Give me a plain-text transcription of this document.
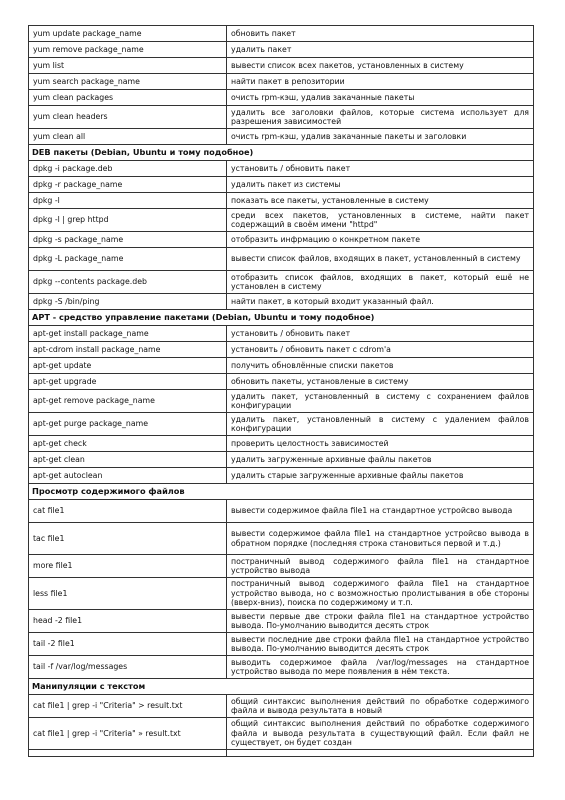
yum update package_name	обновить пакет
yum remove package_name	удалить пакет
yum list	вывести список всех пакетов, установленных в систему
yum search package_name	найти пакет в репозитории
yum clean packages	очисть rpm-кэш, удалив закачанные пакеты
yum clean headers	удалить все заголовки файлов, которые система использует для разрешения зависимостей
yum clean all	очисть rpm-кэш, удалив закачанные пакеты и заголовки
DEB пакеты (Debian, Ubuntu и тому подобное)	
dpkg -i package.deb	установить / обновить пакет
dpkg -r package_name	удалить пакет из системы
dpkg -l	показать все пакеты, установленные в систему
dpkg -l | grep httpd	среди всех пакетов, установленных в системе, найти пакет содержащий в своём имени "httpd"
dpkg -s package_name	отобразить инфрмацию о конкретном пакете
dpkg -L package_name	вывести список файлов, входящих в пакет, установленный в систему
dpkg --contents package.deb	отобразить список файлов, входящих в пакет, который ешё не установлен в систему
dpkg -S /bin/ping	найти пакет, в который входит указанный файл.
APT - средство управление пакетами (Debian, Ubuntu и тому подобное)	
apt-get install package_name	установить / обновить пакет
apt-cdrom install package_name	установить / обновить пакет с cdrom'a
apt-get update	получить обновлённые списки пакетов
apt-get upgrade	обновить пакеты, установленые в систему
apt-get remove package_name	удалить пакет, установленный в систему с сохранением файлов конфигурации
apt-get purge package_name	удалить пакет, установленный в систему с удалением файлов конфигурации
apt-get check	проверить целостность зависимостей
apt-get clean	удалить загруженные архивные файлы пакетов
apt-get autoclean	удалить старые загруженные архивные файлы пакетов
Просмотр содержимого файлов	
cat file1	вывести содержимое файла file1 на стандартное устройсво вывода
tac file1	вывести содержимое файла file1 на стандартное устройсво вывода в обратном порядке (последняя строка становиться первой и т.д.)
more file1	постраничный вывод содержимого файла file1 на стандартное устройство вывода
less file1	постраничный вывод содержимого файла file1 на стандартное устройство вывода, но с возможностью пролистывания в обе стороны (вверх-вниз), поиска по содержимому и т.п.
head -2 file1	вывести первые две строки файла file1 на стандартное устройство вывода. По-умолчанию выводится десять строк
tail -2 file1	вывести последние две строки файла file1 на стандартное устройство вывода. По-умолчанию выводится десять строк
tail -f /var/log/messages	выводить содержимое файла /var/log/messages на стандартное устройство вывода по мере появления в нём текста.
Манипуляции с текстом	
cat file1 | grep -i "Criteria" > result.txt	общий синтаксис выполнения действий по обработке содержимого файла и вывода результата в новый
cat file1 | grep -i "Criteria" » result.txt	общий синтаксис выполнения действий по обработке содержимого файла и вывода результата в существующий файл. Если файл не существует, он будет создан
